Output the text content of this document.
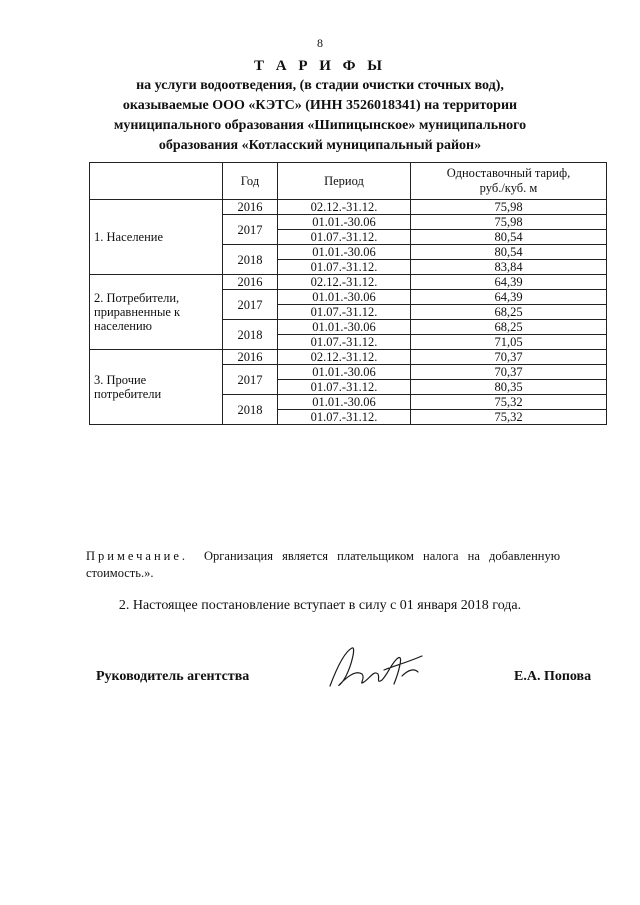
8
Т А Р И Ф Ы
на услуги водоотведения, (в стадии очистки сточных вод),
оказываемые ООО «КЭТС» (ИНН 3526018341) на территории
муниципального образования «Шипицынское» муниципального
образования «Котласский муниципальный район»
	Год	Период	Одноставочный тариф,
руб./куб. м

1. Население	2016	02.12.-31.12.	75,98

	2017	01.01.-30.06	75,98
		01.07.-31.12.	80,54
	2018	01.01.-30.06	80,54
		01.07.-31.12.	83,84

2. Потребители,
приравненные к
населению	2016	02.12.-31.12.	64,39

	2017	01.01.-30.06	64,39
		01.07.-31.12.	68,25
	2018	01.01.-30.06	68,25
		01.07.-31.12.	71,05

3. Прочие
потребители	2016	02.12.-31.12.	70,37

	2017	01.01.-30.06	70,37
		01.07.-31.12.	80,35
	2018	01.01.-30.06	75,32
		01.07.-31.12.	75,32
Примечание. Организация является плательщиком налога на добавленную стоимость.».
2. Настоящее постановление вступает в силу с 01 января 2018 года.
Руководитель агентства	Е.А. Попова
